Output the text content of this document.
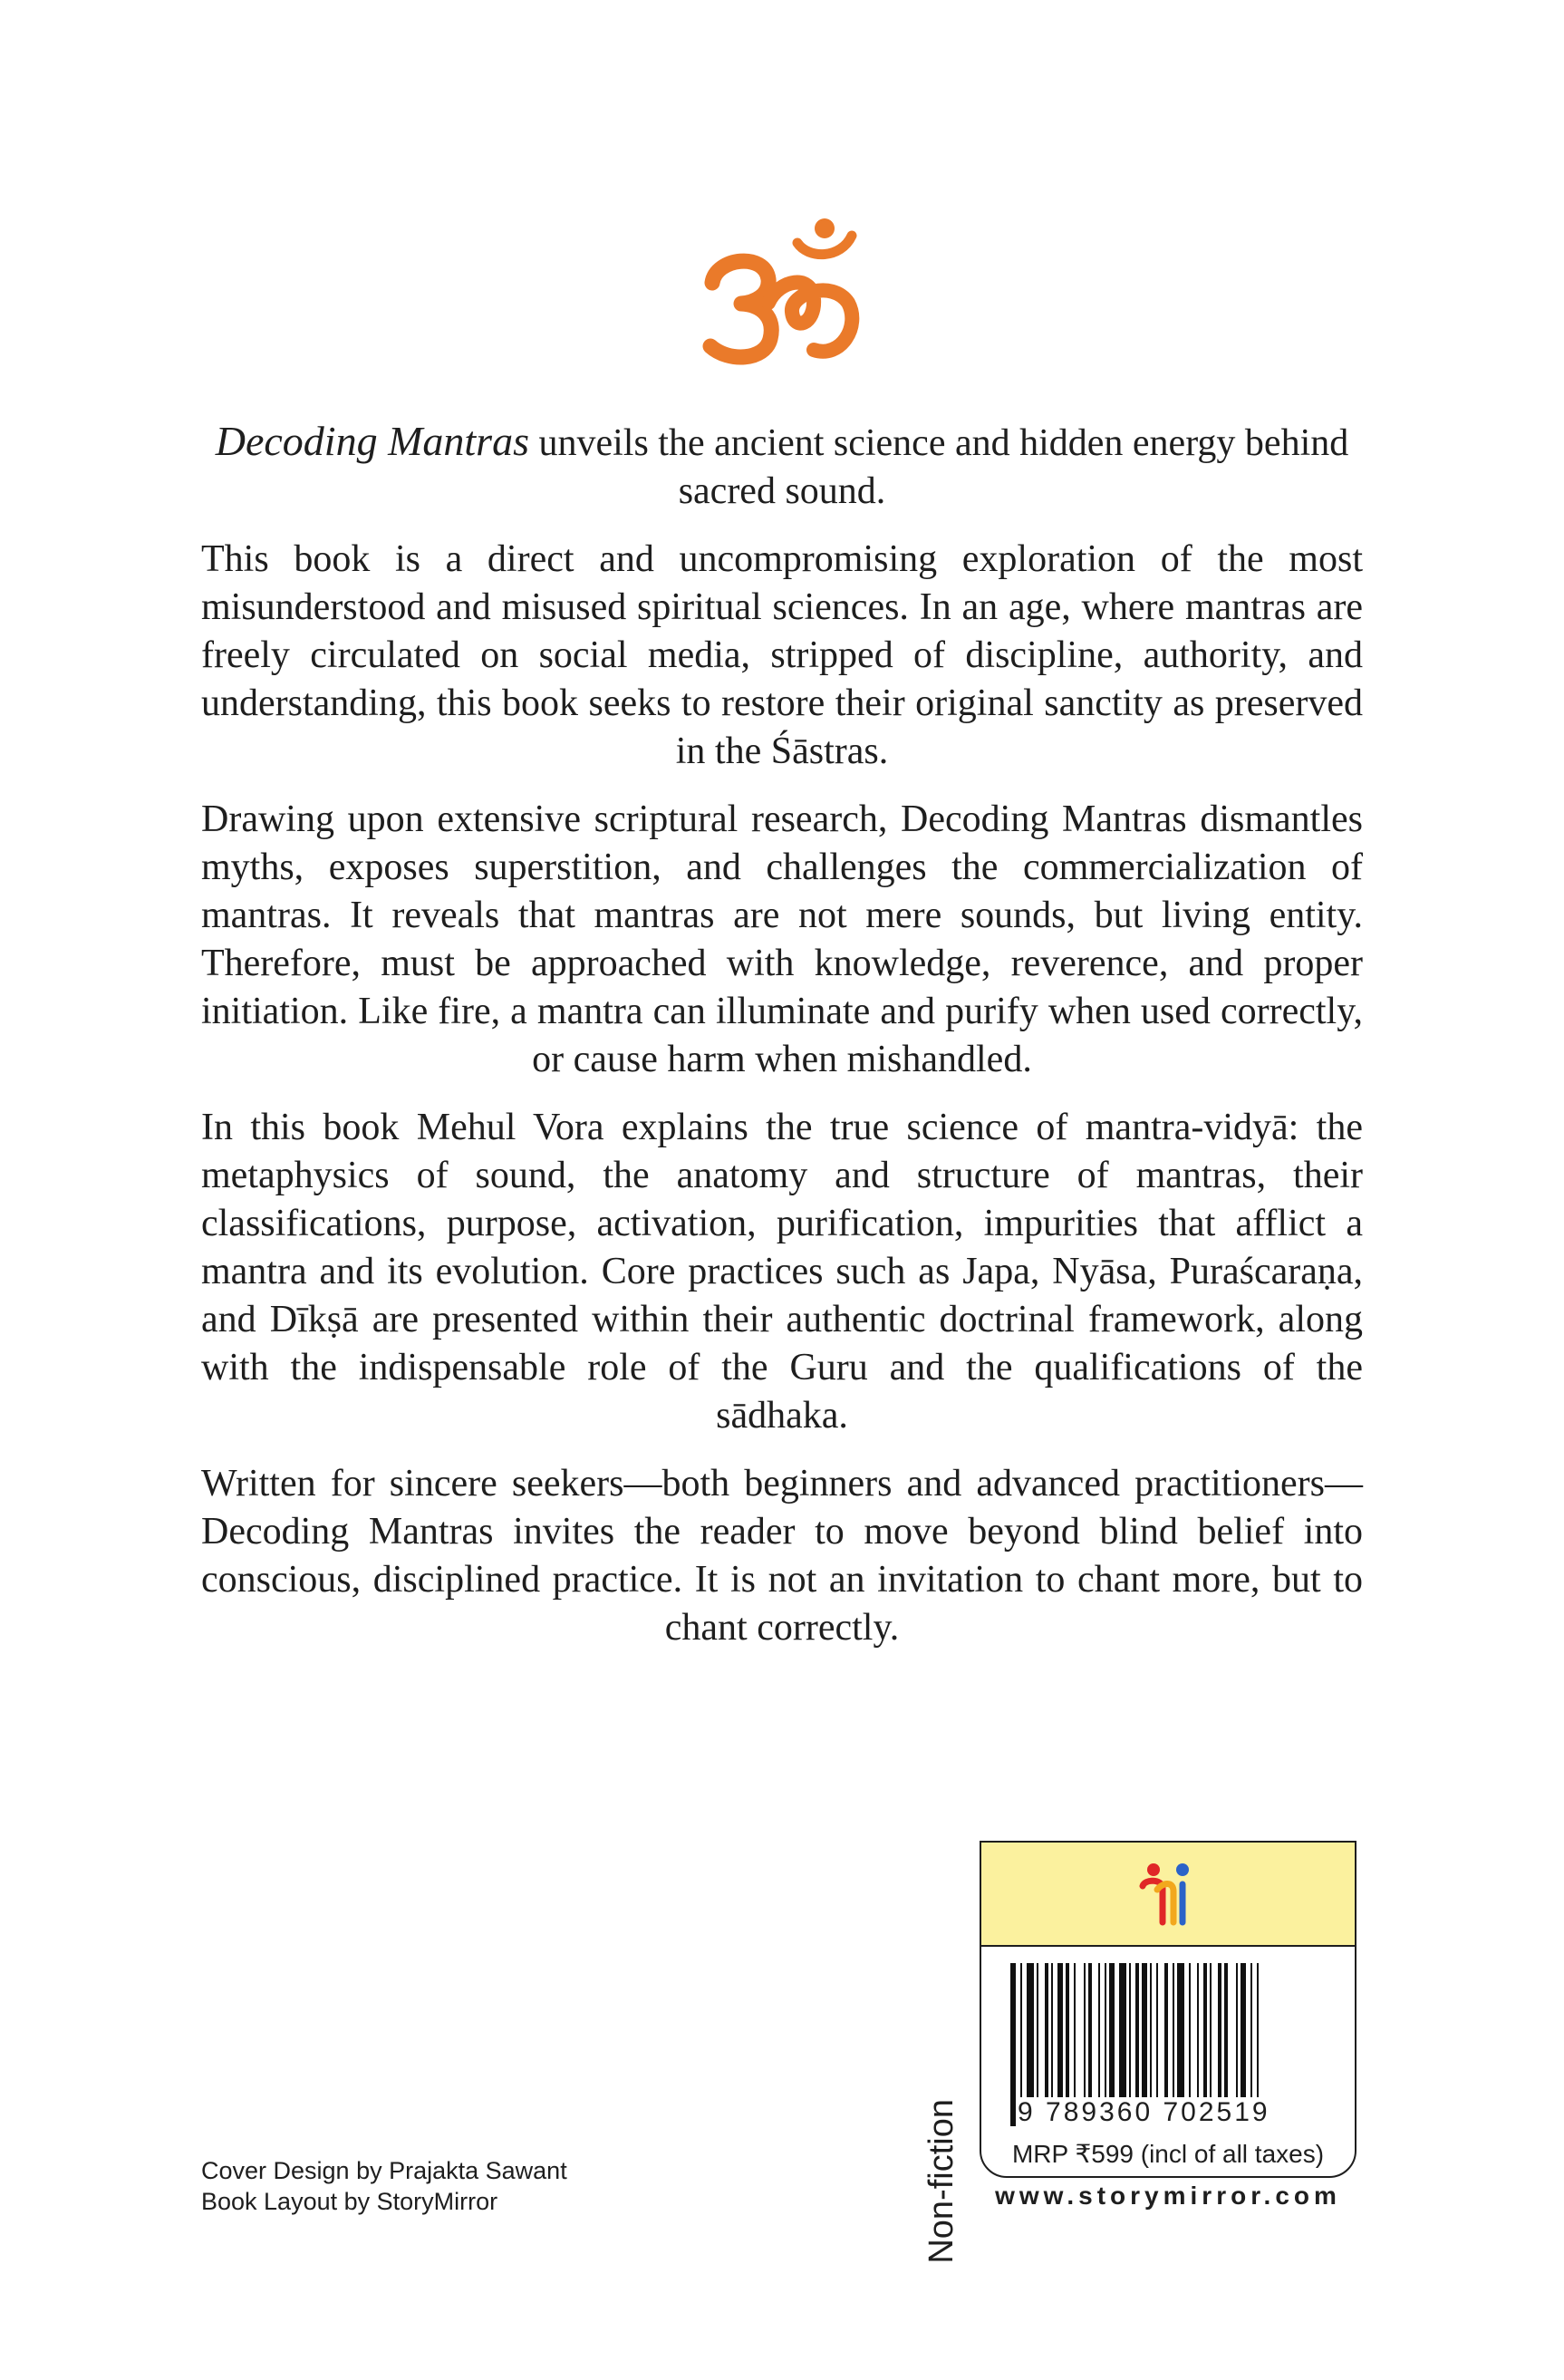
Decoding Mantras unveils the ancient science and hidden energy behind sacred sound.

This book is a direct and uncompromising exploration of the most misunderstood and misused spiritual sciences. In an age, where mantras are freely circulated on social media, stripped of discipline, authority, and understanding, this book seeks to restore their original sanctity as preserved in the Śāstras.

Drawing upon extensive scriptural research, Decoding Mantras dismantles myths, exposes superstition, and challenges the commercialization of mantras. It reveals that mantras are not mere sounds, but living entity. Therefore, must be approached with knowledge, reverence, and proper initiation. Like fire, a mantra can illuminate and purify when used correctly, or cause harm when mishandled.

In this book Mehul Vora explains the true science of mantra-vidyā: the metaphysics of sound, the anatomy and structure of mantras, their classifications, purpose, activation, purification, impurities that afflict a mantra and its evolution. Core practices such as Japa, Nyāsa, Puraścaraṇa, and Dīkṣā are presented within their authentic doctrinal framework, along with the indispensable role of the Guru and the qualifications of the sādhaka.

Written for sincere seekers—both beginners and advanced practitioners—Decoding Mantras invites the reader to move beyond blind belief into conscious, disciplined practice. It is not an invitation to chant more, but to chant correctly.

Cover Design by Prajakta Sawant
Book Layout by StoryMirror	Non-fiction	9 789360 702519
MRP ₹599 (incl of all taxes)
www.storymirror.com
